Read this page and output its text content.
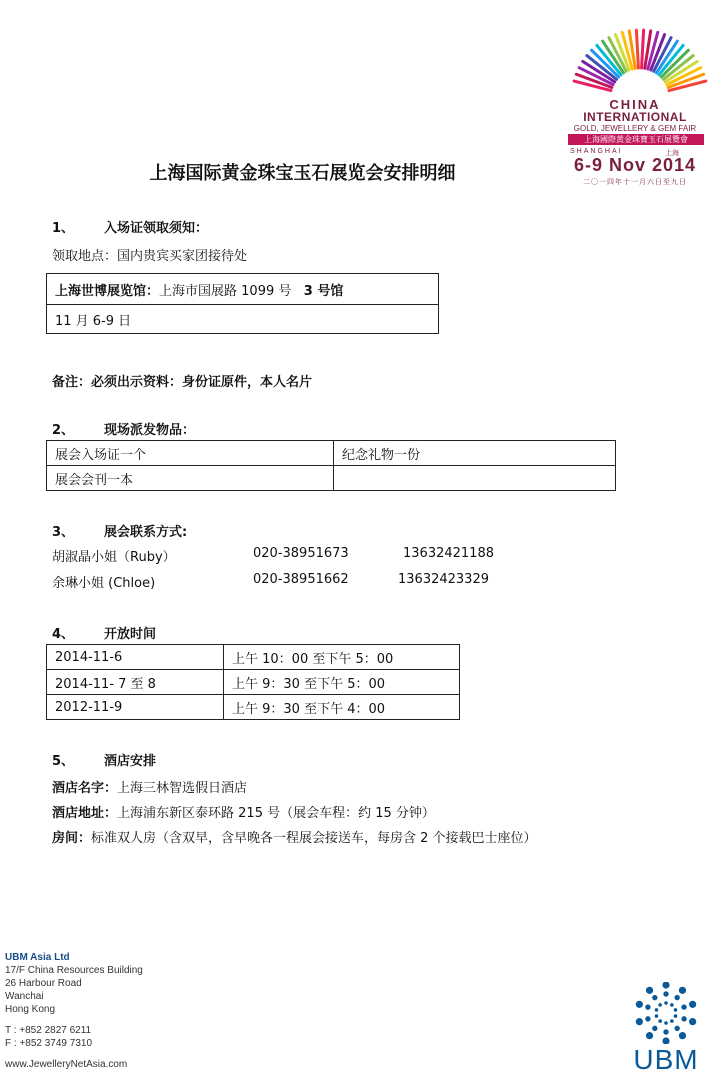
CHINA
INTERNATIONAL
GOLD, JEWELLERY & GEM FAIR
上海國際黃金珠寶玉石展覽會
SHANGHAI	上海
6-9 Nov 2014
二〇一四年十一月六日至九日
上海国际黄金珠宝玉石展览会安排明细
1、 入场证领取须知：
领取地点：国内贵宾买家团接待处
上海世博展览馆：上海市国展路 1099 号 3 号馆
11 月 6-9 日
备注：必须出示资料：身份证原件，本人名片
2、 现场派发物品：
展会入场证一个	纪念礼物一份
展会会刊一本	
3、 展会联系方式:
胡淑晶小姐（Ruby）	020-38951673	13632421188
余琳小姐 (Chloe)	020-38951662	13632423329
4、 开放时间
2014-11-6	上午 10：00 至下午 5：00
2014-11- 7 至 8	上午 9：30 至下午 5：00
2012-11-9	上午 9：30 至下午 4：00
5、 酒店安排
酒店名字：上海三林智选假日酒店
酒店地址：上海浦东新区泰环路 215 号（展会车程：约 15 分钟）
房间：标准双人房（含双早，含早晚各一程展会接送车，每房含 2 个接载巴士座位）
UBM Asia Ltd
17/F China Resources Building
26 Harbour Road
Wanchai
Hong Kong
T : +852 2827 6211
F : +852 3749 7310
www.JewelleryNetAsia.com	UBM
